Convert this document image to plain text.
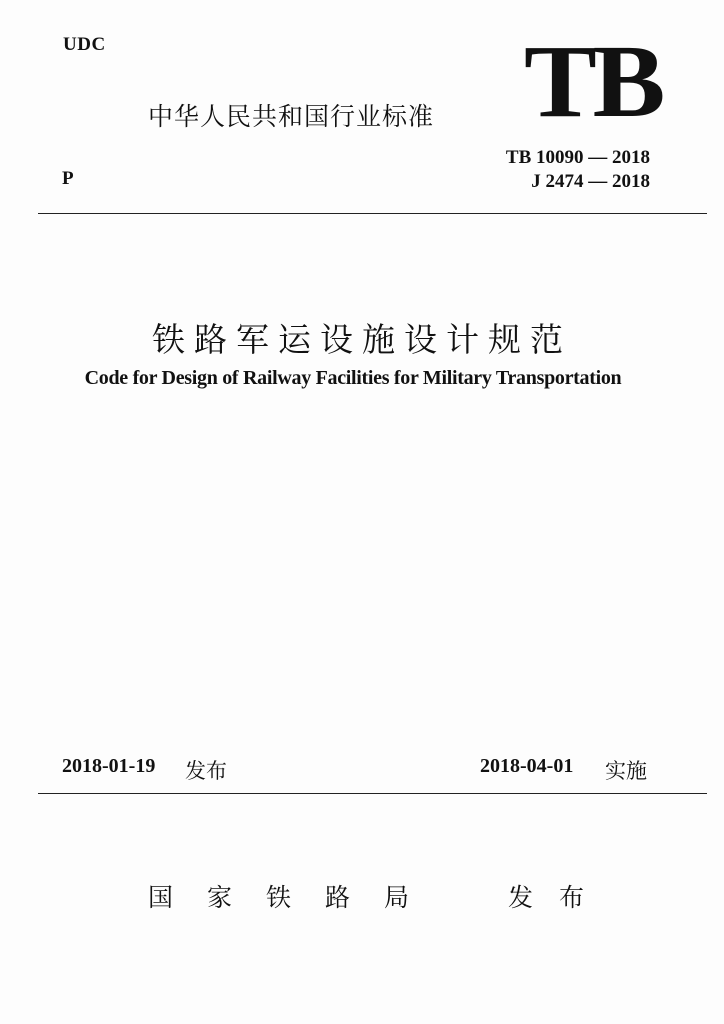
UDC	TB
中华人民共和国行业标准
P
TB 10090 — 2018
J 2474 — 2018
铁路军运设施设计规范
Code for Design of Railway Facilities for Military Transportation
2018-01-19 发布	2018-04-01 实施
国家铁路局	发布
